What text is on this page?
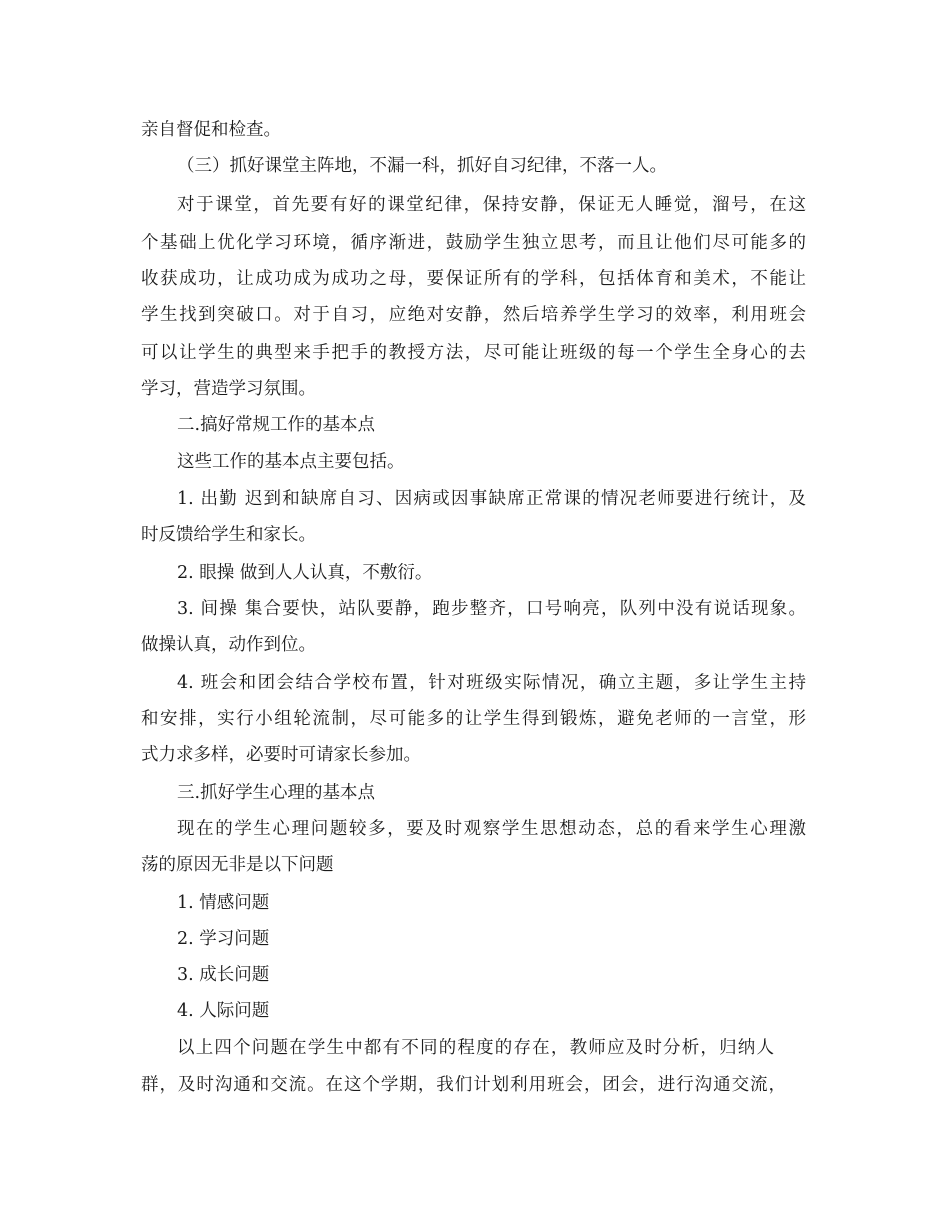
亲自督促和检查。
（三）抓好课堂主阵地，不漏一科，抓好自习纪律，不落一人。
对于课堂，首先要有好的课堂纪律，保持安静，保证无人睡觉，溜号，在这
个基础上优化学习环境，循序渐进，鼓励学生独立思考，而且让他们尽可能多的
收获成功，让成功成为成功之母，要保证所有的学科，包括体育和美术，不能让
学生找到突破口。对于自习，应绝对安静，然后培养学生学习的效率，利用班会
可以让学生的典型来手把手的教授方法，尽可能让班级的每一个学生全身心的去
学习，营造学习氛围。
二.搞好常规工作的基本点
这些工作的基本点主要包括。
1. 出勤 迟到和缺席自习、因病或因事缺席正常课的情况老师要进行统计，及
时反馈给学生和家长。
2. 眼操 做到人人认真，不敷衍。
3. 间操 集合要快，站队要静，跑步整齐，口号响亮，队列中没有说话现象。
做操认真，动作到位。
4. 班会和团会结合学校布置，针对班级实际情况，确立主题，多让学生主持
和安排，实行小组轮流制，尽可能多的让学生得到锻炼，避免老师的一言堂，形
式力求多样，必要时可请家长参加。
三.抓好学生心理的基本点
现在的学生心理问题较多，要及时观察学生思想动态，总的看来学生心理激
荡的原因无非是以下问题
1. 情感问题
2. 学习问题
3. 成长问题
4. 人际问题
以上四个问题在学生中都有不同的程度的存在，教师应及时分析，归纳人
群，及时沟通和交流。在这个学期，我们计划利用班会，团会，进行沟通交流，
